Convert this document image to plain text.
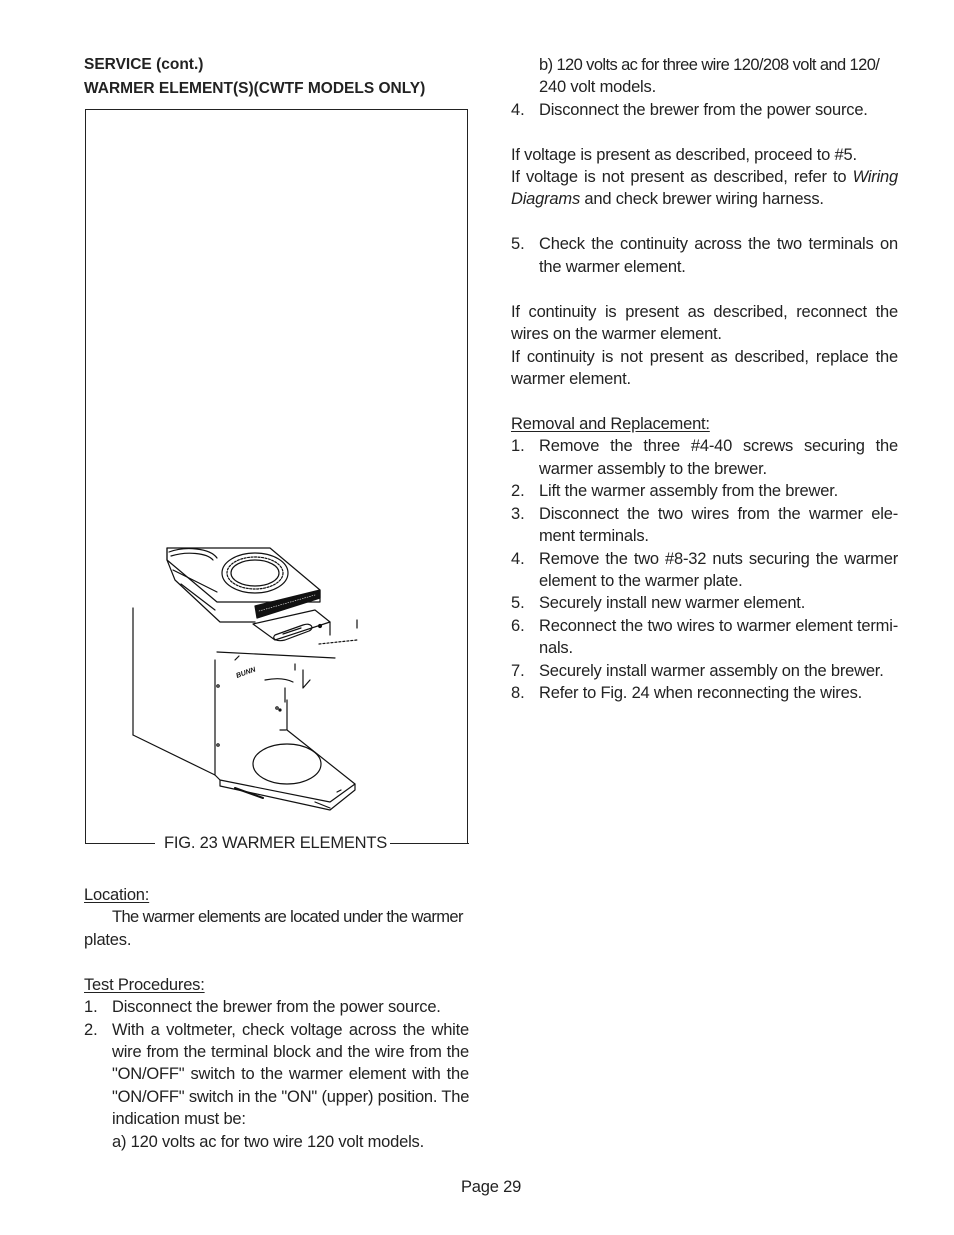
SERVICE (cont.)
WARMER ELEMENT(S)(CWTF MODELS ONLY)
FIG. 23 WARMER ELEMENTS
BUNN
Location:
The warmer elements are located under the warmer
plates.
Test Procedures:
1. Disconnect the brewer from the power source.
2. With a voltmeter, check voltage across the white
wire from the terminal block and the wire from the
"ON/OFF" switch to the warmer element with the
"ON/OFF" switch in the "ON" (upper) position. The
indication must be:
a) 120 volts ac for two wire 120 volt models.
b) 120 volts ac for three wire 120/208 volt and 120/
240 volt models.
4. Disconnect the brewer from the power source.
If voltage is present as described, proceed to #5.
If voltage is not present as described, refer to Wiring
Diagrams and check brewer wiring harness.
5. Check the continuity across the two terminals on
the warmer element.
If continuity is present as described, reconnect the
wires on the warmer element.
If continuity is not present as described, replace the
warmer element.
Removal and Replacement:
1. Remove the three #4-40 screws securing the
warmer assembly to the brewer.
2. Lift the warmer assembly from the brewer.
3. Disconnect the two wires from the warmer ele-
ment terminals.
4. Remove the two #8-32 nuts securing the warmer
element to the warmer plate.
5. Securely install new warmer element.
6. Reconnect the two wires to warmer element termi-
nals.
7. Securely install warmer assembly on the brewer.
8. Refer to Fig. 24 when reconnecting the wires.
Page 29
